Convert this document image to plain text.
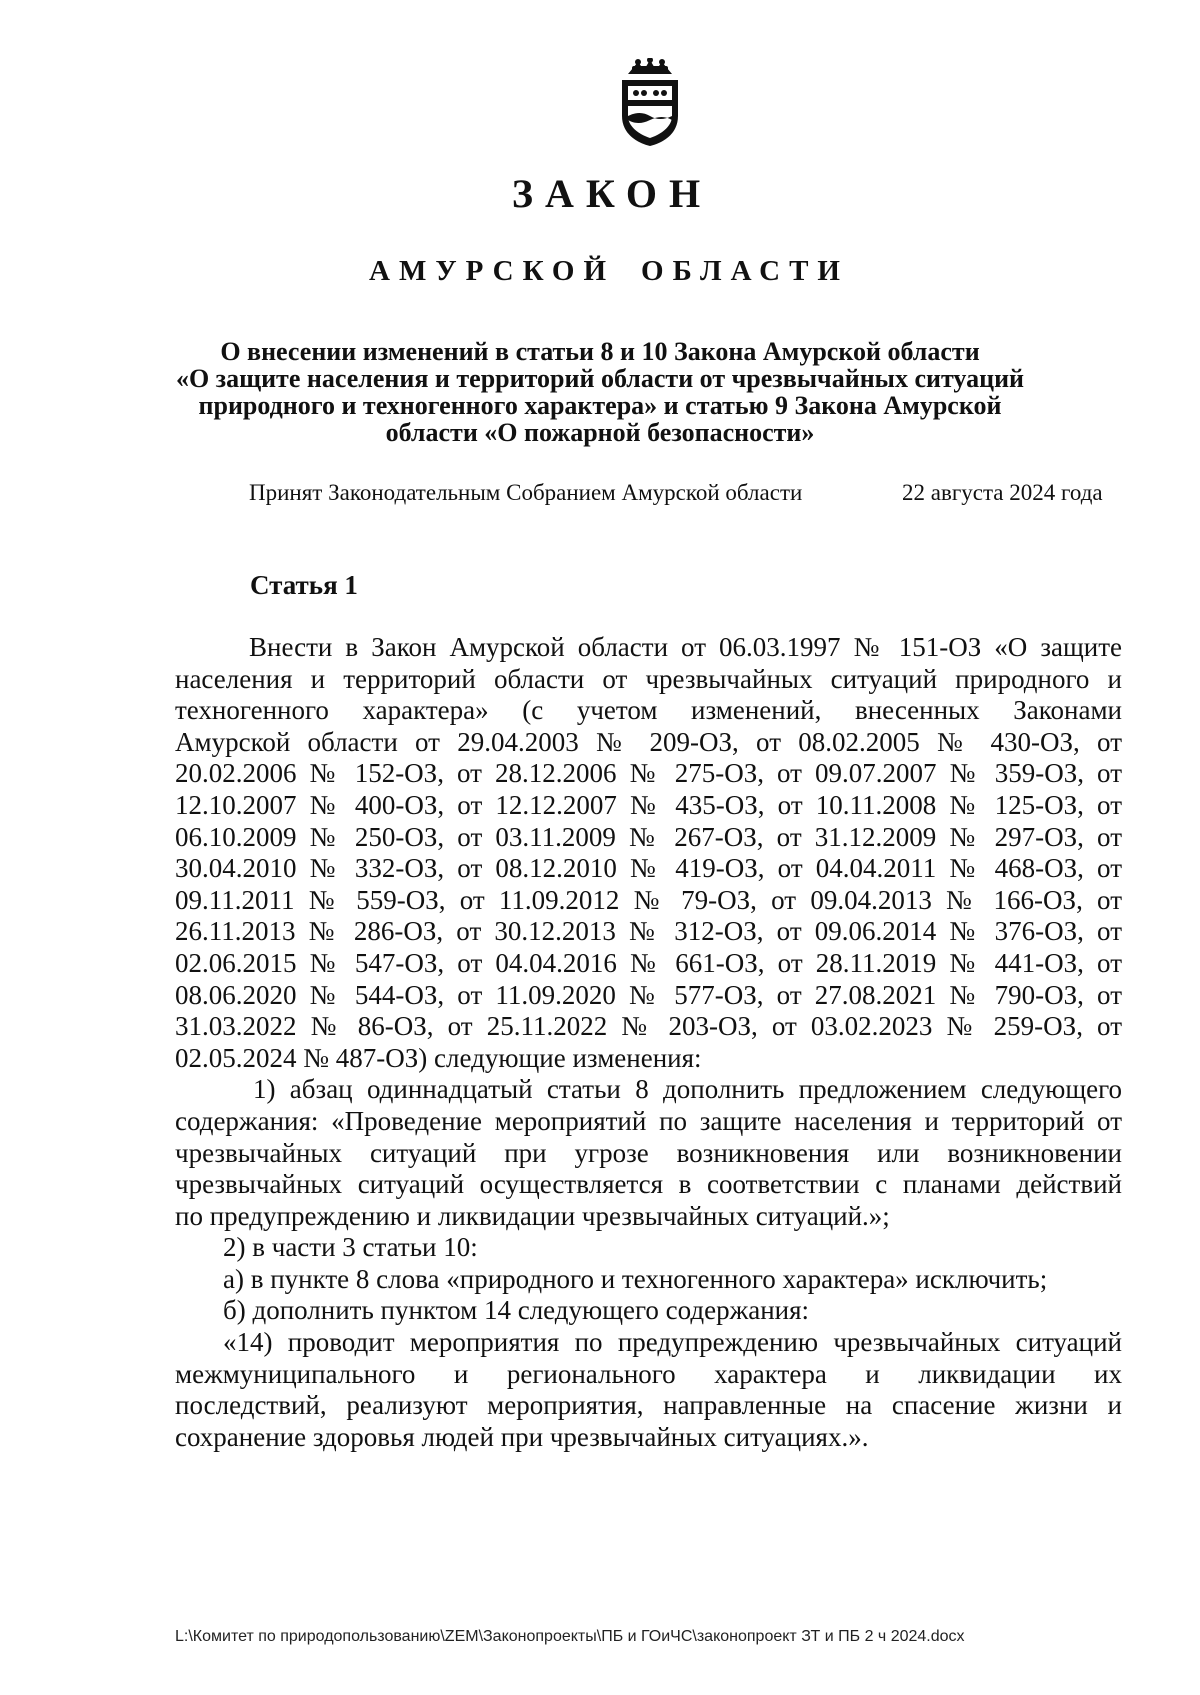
ЗАКОН
АМУРСКОЙ ОБЛАСТИ
О внесении изменений в статьи 8 и 10 Закона Амурской области
«О защите населения и территорий области от чрезвычайных ситуаций
природного и техногенного характера» и статью 9 Закона Амурской
области «О пожарной безопасности»
Принят Законодательным Собранием Амурской области	22 августа 2024 года
Статья 1
Внести в Закон Амурской области от 06.03.1997 № 151-ОЗ «О защите
населения и территорий области от чрезвычайных ситуаций природного и
техногенного характера» (с учетом изменений, внесенных Законами
Амурской области от 29.04.2003 № 209-ОЗ, от 08.02.2005 № 430-ОЗ, от
20.02.2006 № 152-ОЗ, от 28.12.2006 № 275-ОЗ, от 09.07.2007 № 359-ОЗ, от
12.10.2007 № 400-ОЗ, от 12.12.2007 № 435-ОЗ, от 10.11.2008 № 125-ОЗ, от
06.10.2009 № 250-ОЗ, от 03.11.2009 № 267-ОЗ, от 31.12.2009 № 297-ОЗ, от
30.04.2010 № 332-ОЗ, от 08.12.2010 № 419-ОЗ, от 04.04.2011 № 468-ОЗ, от
09.11.2011 № 559-ОЗ, от 11.09.2012 № 79-ОЗ, от 09.04.2013 № 166-ОЗ, от
26.11.2013 № 286-ОЗ, от 30.12.2013 № 312-ОЗ, от 09.06.2014 № 376-ОЗ, от
02.06.2015 № 547-ОЗ, от 04.04.2016 № 661-ОЗ, от 28.11.2019 № 441-ОЗ, от
08.06.2020 № 544-ОЗ, от 11.09.2020 № 577-ОЗ, от 27.08.2021 № 790-ОЗ, от
31.03.2022 № 86-ОЗ, от 25.11.2022 № 203-ОЗ, от 03.02.2023 № 259-ОЗ, от
02.05.2024 № 487-ОЗ) следующие изменения:
1) абзац одиннадцатый статьи 8 дополнить предложением следующего
содержания: «Проведение мероприятий по защите населения и территорий от
чрезвычайных ситуаций при угрозе возникновения или возникновении
чрезвычайных ситуаций осуществляется в соответствии с планами действий
по предупреждению и ликвидации чрезвычайных ситуаций.»;
2) в части 3 статьи 10:
а) в пункте 8 слова «природного и техногенного характера» исключить;
б) дополнить пунктом 14 следующего содержания:
«14) проводит мероприятия по предупреждению чрезвычайных ситуаций
межмуниципального и регионального характера и ликвидации их
последствий, реализуют мероприятия, направленные на спасение жизни и
сохранение здоровья людей при чрезвычайных ситуациях.».
L:\Комитет по природопользованию\ZEM\Законопроекты\ПБ и ГОиЧС\законопроект ЗТ и ПБ 2 ч 2024.docx
